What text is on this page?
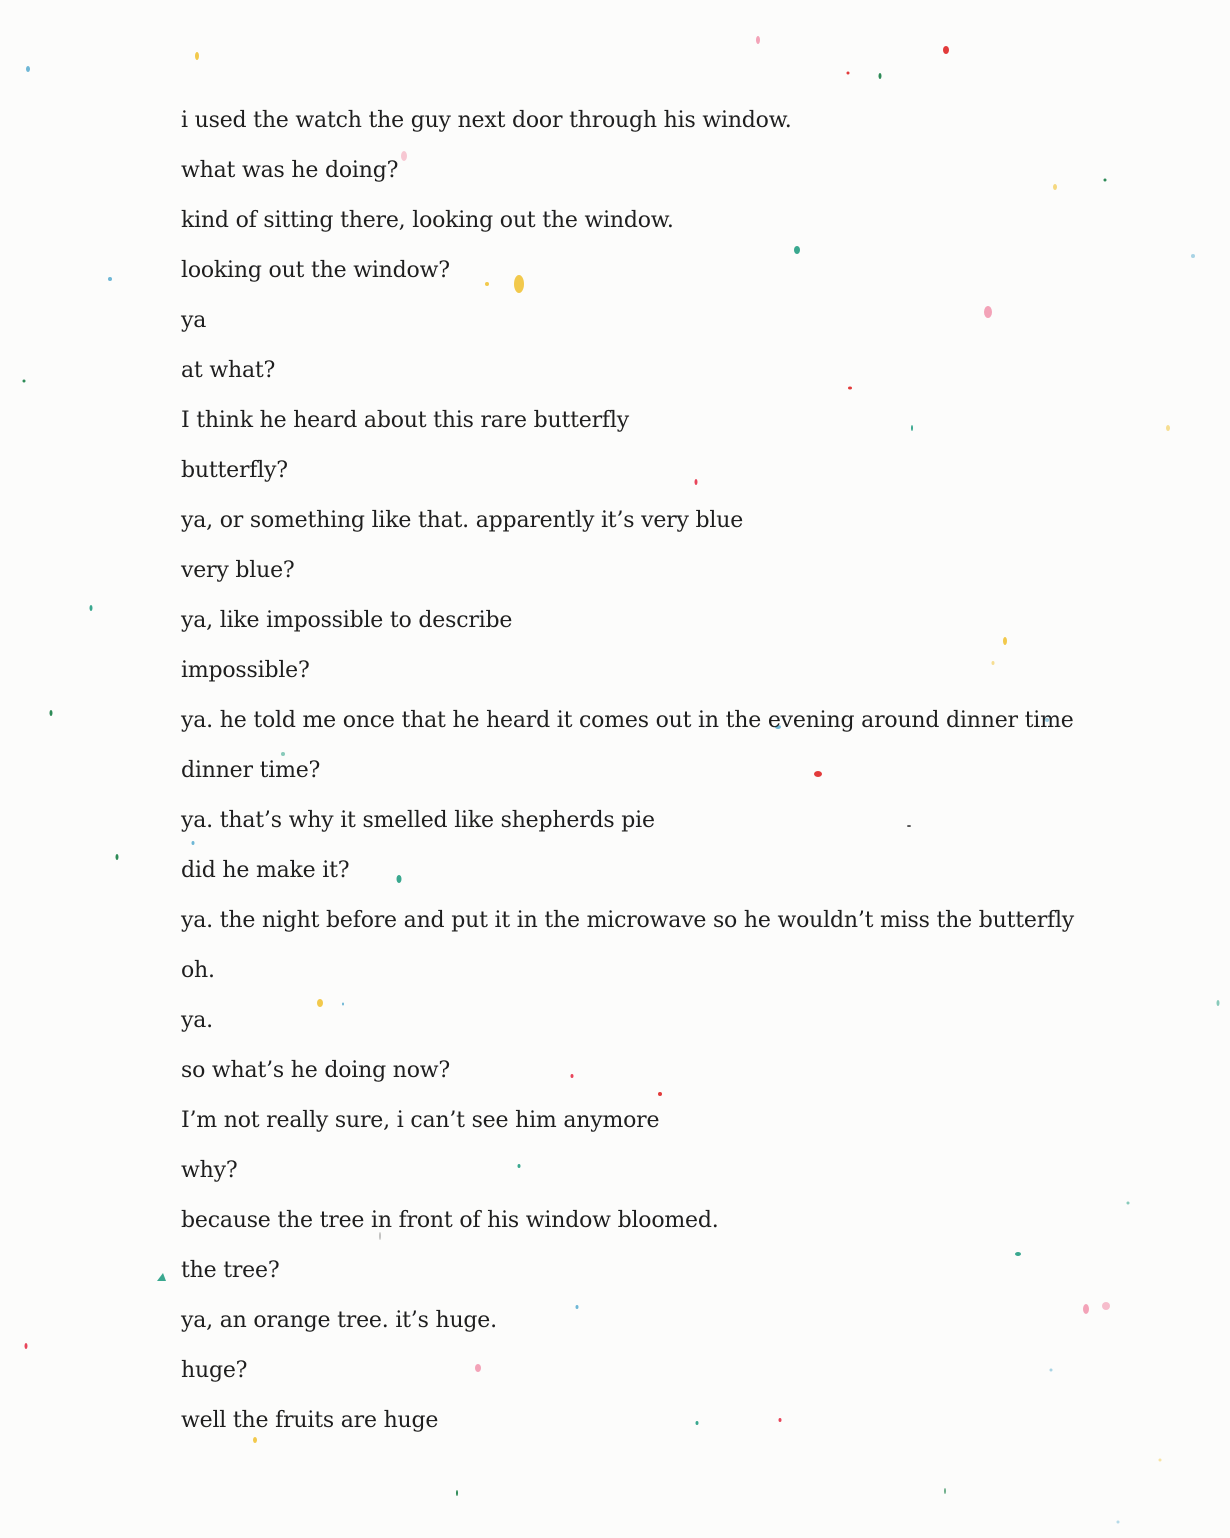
i used the watch the guy next door through his window.
what was he doing?
kind of sitting there, looking out the window.
looking out the window?
ya
at what?
I think he heard about this rare butterfly
butterfly?
ya, or something like that. apparently it’s very blue
very blue?
ya, like impossible to describe
impossible?
ya. he told me once that he heard it comes out in the evening around dinner time
dinner time?
ya. that’s why it smelled like shepherds pie
did he make it?
ya. the night before and put it in the microwave so he wouldn’t miss the butterfly
oh.
ya.
so what’s he doing now?
I’m not really sure, i can’t see him anymore
why?
because the tree in front of his window bloomed.
the tree?
ya, an orange tree. it’s huge.
huge?
well the fruits are huge
